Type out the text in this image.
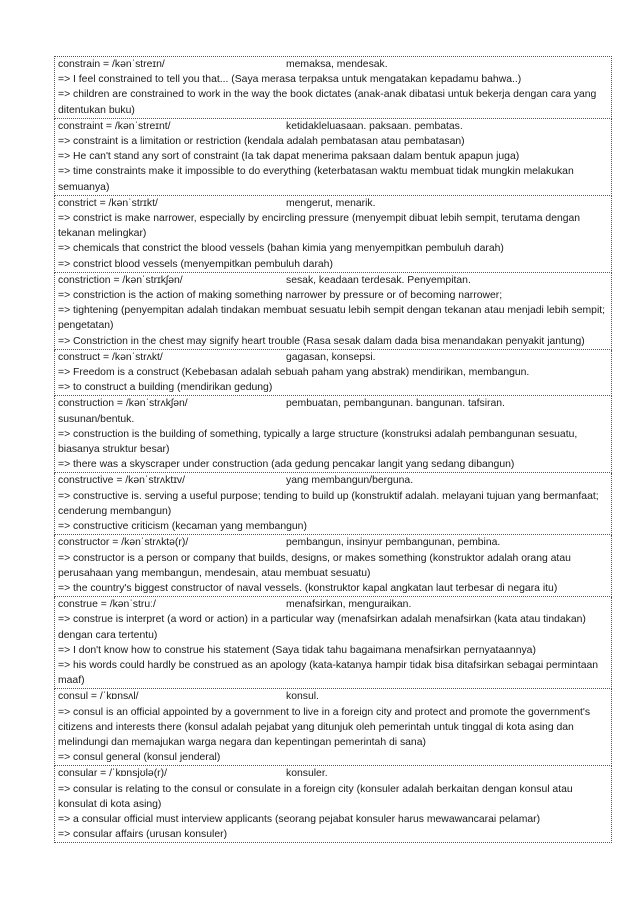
constrain = /kənˈstreɪn/	memaksa, mendesak.
=> I feel constrained to tell you that... (Saya merasa terpaksa untuk mengatakan kepadamu bahwa..)
=> children are constrained to work in the way the book dictates (anak-anak dibatasi untuk bekerja dengan cara yang ditentukan buku)
constraint = /kənˈstreɪnt/	ketidakleluasaan. paksaan. pembatas.
=> constraint is a limitation or restriction (kendala adalah pembatasan atau pembatasan)
=> He can't stand any sort of constraint (Ia tak dapat menerima paksaan dalam bentuk apapun juga)
=> time constraints make it impossible to do everything (keterbatasan waktu membuat tidak mungkin melakukan semuanya)
constrict = /kənˈstrɪkt/	mengerut, menarik.
=> constrict is make narrower, especially by encircling pressure (menyempit dibuat lebih sempit, terutama dengan tekanan melingkar)
=> chemicals that constrict the blood vessels (bahan kimia yang menyempitkan pembuluh darah)
=> constrict blood vessels (menyempitkan pembuluh darah)
constriction = /kənˈstrɪkʃən/	sesak, keadaan terdesak. Penyempitan.
=> constriction is the action of making something narrower by pressure or of becoming narrower;
=> tightening (penyempitan adalah tindakan membuat sesuatu lebih sempit dengan tekanan atau menjadi lebih sempit; pengetatan)
=> Constriction in the chest may signify heart trouble (Rasa sesak dalam dada bisa menandakan penyakit jantung)
construct = /kənˈstrʌkt/	gagasan, konsepsi.
=> Freedom is a construct (Kebebasan adalah sebuah paham yang abstrak) mendirikan, membangun.
=> to construct a building (mendirikan gedung)
construction = /kənˈstrʌkʃən/	pembuatan, pembangunan. bangunan. tafsiran.
susunan/bentuk.
=> construction is the building of something, typically a large structure (konstruksi adalah pembangunan sesuatu, biasanya struktur besar)
=> there was a skyscraper under construction (ada gedung pencakar langit yang sedang dibangun)
constructive = /kənˈstrʌktɪv/	yang membangun/berguna.
=> constructive is. serving a useful purpose; tending to build up (konstruktif adalah. melayani tujuan yang bermanfaat; cenderung membangun)
=> constructive criticism (kecaman yang membangun)
constructor = /kənˈstrʌktə(r)/	pembangun, insinyur pembangunan, pembina.
=> constructor is a person or company that builds, designs, or makes something (konstruktor adalah orang atau perusahaan yang membangun, mendesain, atau membuat sesuatu)
=> the country's biggest constructor of naval vessels. (konstruktor kapal angkatan laut terbesar di negara itu)
construe = /kənˈstruː/	menafsirkan, menguraikan.
=> construe is interpret (a word or action) in a particular way (menafsirkan adalah menafsirkan (kata atau tindakan) dengan cara tertentu)
=> I don't know how to construe his statement (Saya tidak tahu bagaimana menafsirkan pernyataannya)
=> his words could hardly be construed as an apology (kata-katanya hampir tidak bisa ditafsirkan sebagai permintaan maaf)
consul = /ˈkɒnsʌl/	konsul.
=> consul is an official appointed by a government to live in a foreign city and protect and promote the government's citizens and interests there (konsul adalah pejabat yang ditunjuk oleh pemerintah untuk tinggal di kota asing dan melindungi dan memajukan warga negara dan kepentingan pemerintah di sana)
=> consul general (konsul jenderal)
consular = /ˈkɒnsjʊlə(r)/	konsuler.
=> consular is relating to the consul or consulate in a foreign city (konsuler adalah berkaitan dengan konsul atau konsulat di kota asing)
=> a consular official must interview applicants (seorang pejabat konsuler harus mewawancarai pelamar)
=> consular affairs (urusan konsuler)
